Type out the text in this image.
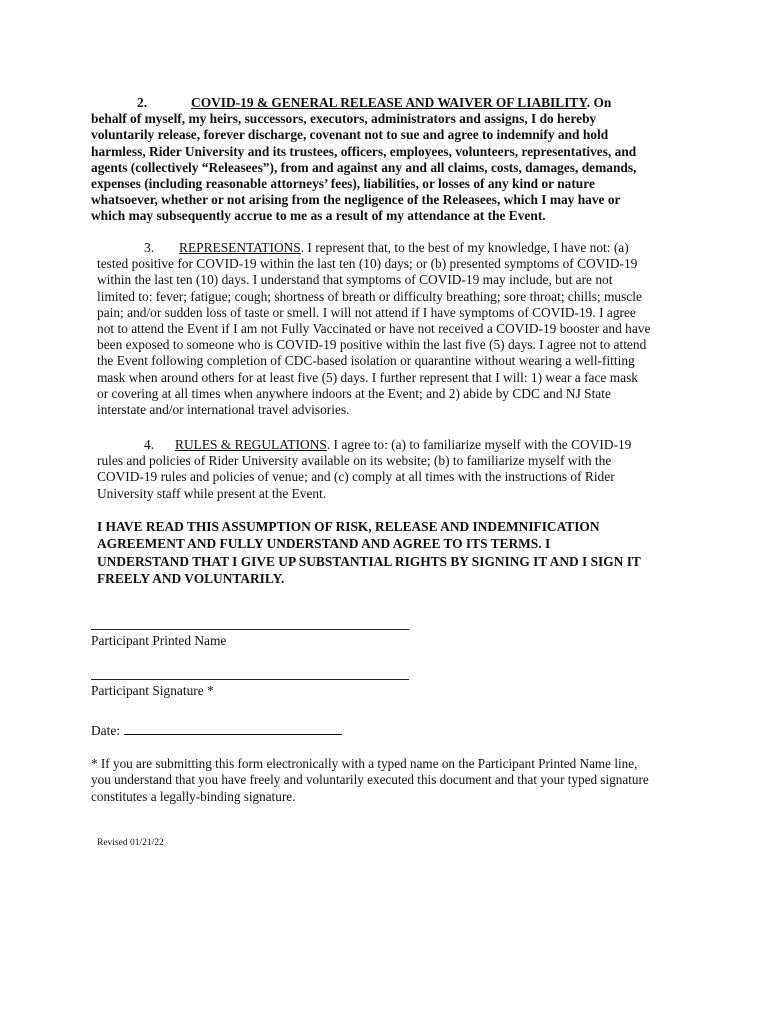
2.	COVID-19 & GENERAL RELEASE AND WAIVER OF LIABILITY. On
behalf of myself, my heirs, successors, executors, administrators and assigns, I do hereby
voluntarily release, forever discharge, covenant not to sue and agree to indemnify and hold
harmless, Rider University and its trustees, officers, employees, volunteers, representatives, and
agents (collectively “Releasees”), from and against any and all claims, costs, damages, demands,
expenses (including reasonable attorneys’ fees), liabilities, or losses of any kind or nature
whatsoever, whether or not arising from the negligence of the Releasees, which I may have or
which may subsequently accrue to me as a result of my attendance at the Event.
3. REPRESENTATIONS. I represent that, to the best of my knowledge, I have not: (a)
tested positive for COVID-19 within the last ten (10) days; or (b) presented symptoms of COVID-19
within the last ten (10) days. I understand that symptoms of COVID-19 may include, but are not
limited to: fever; fatigue; cough; shortness of breath or difficulty breathing; sore throat; chills; muscle
pain; and/or sudden loss of taste or smell. I will not attend if I have symptoms of COVID-19. I agree
not to attend the Event if I am not Fully Vaccinated or have not received a COVID-19 booster and have
been exposed to someone who is COVID-19 positive within the last five (5) days. I agree not to attend
the Event following completion of CDC-based isolation or quarantine without wearing a well-fitting
mask when around others for at least five (5) days. I further represent that I will: 1) wear a face mask
or covering at all times when anywhere indoors at the Event; and 2) abide by CDC and NJ State
interstate and/or international travel advisories.
4. RULES & REGULATIONS. I agree to: (a) to familiarize myself with the COVID-19
rules and policies of Rider University available on its website; (b) to familiarize myself with the
COVID-19 rules and policies of venue; and (c) comply at all times with the instructions of Rider
University staff while present at the Event.
I HAVE READ THIS ASSUMPTION OF RISK, RELEASE AND INDEMNIFICATION
AGREEMENT AND FULLY UNDERSTAND AND AGREE TO ITS TERMS. I
UNDERSTAND THAT I GIVE UP SUBSTANTIAL RIGHTS BY SIGNING IT AND I SIGN IT
FREELY AND VOLUNTARILY.
Participant Printed Name
Participant Signature *
Date:
* If you are submitting this form electronically with a typed name on the Participant Printed Name line,
you understand that you have freely and voluntarily executed this document and that your typed signature
constitutes a legally-binding signature.
Revised 01/21/22
